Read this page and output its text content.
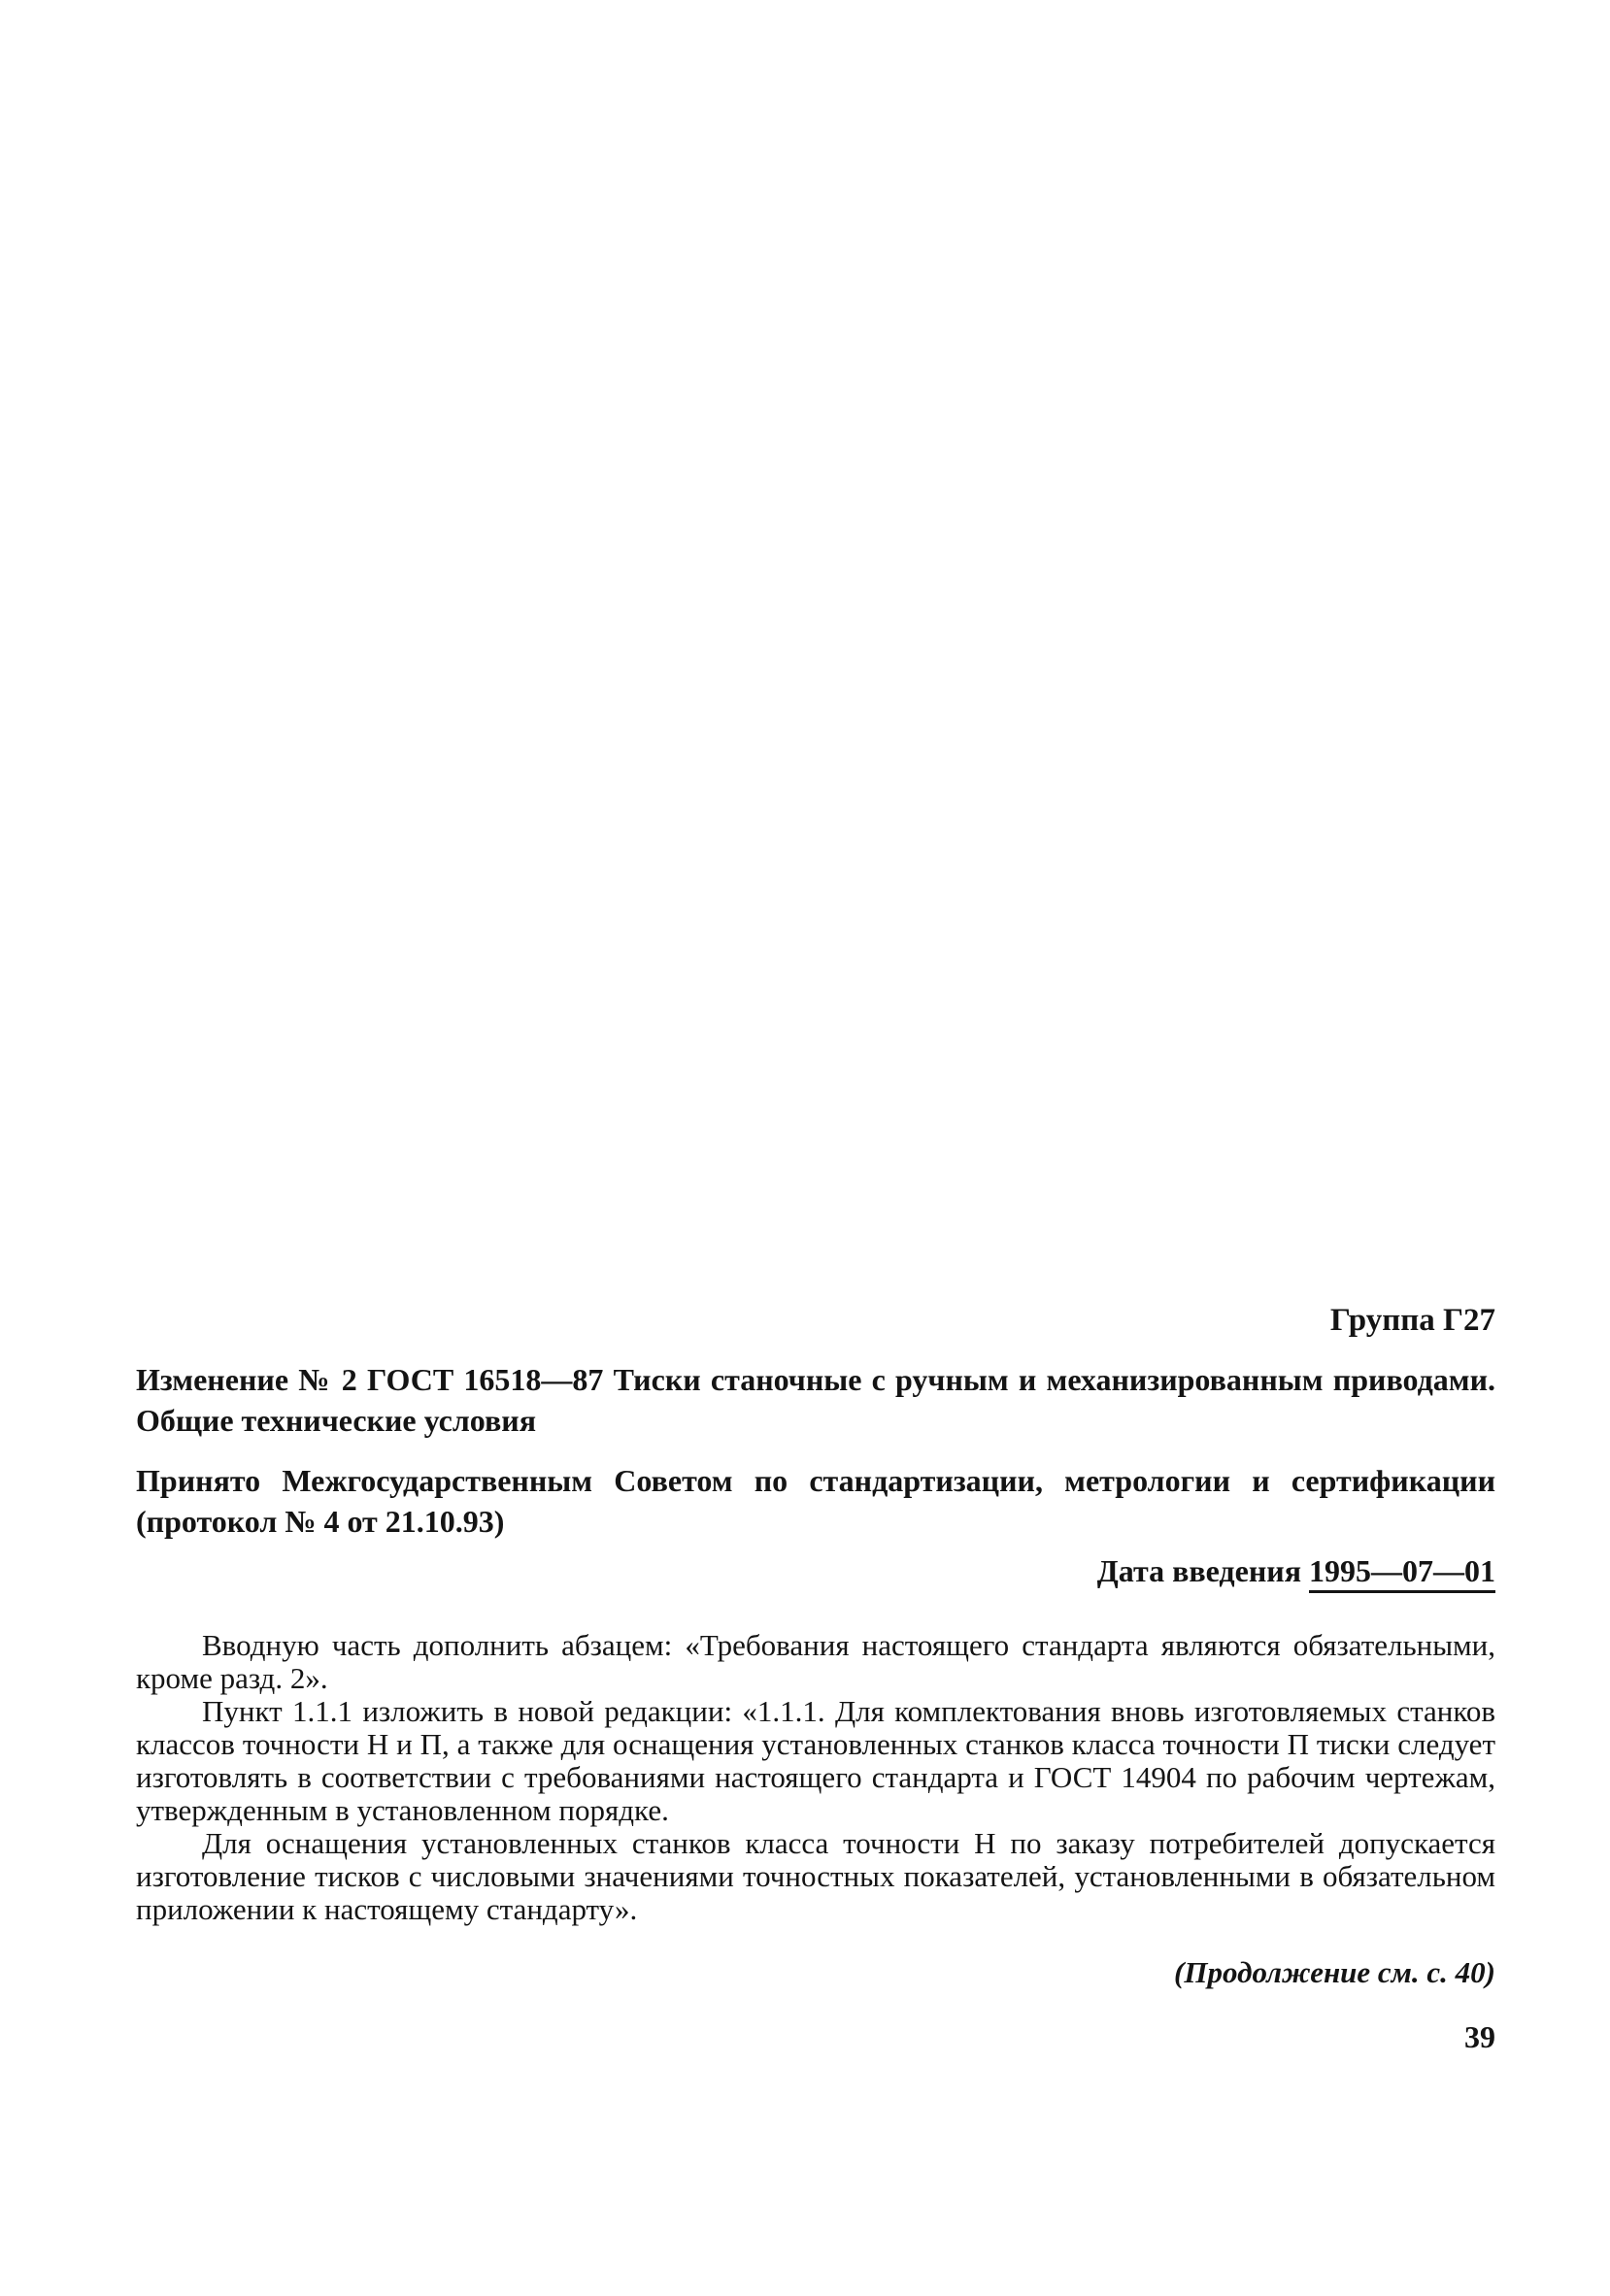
Группа Г27
Изменение № 2 ГОСТ 16518—87 Тиски станочные с ручным и механизированным приводами. Общие технические условия
Принято Межгосударственным Советом по стандартизации, метрологии и сертификации (протокол № 4 от 21.10.93)
Дата введения 1995—07—01

Вводную часть дополнить абзацем: «Требования настоящего стандарта являются обязательными, кроме разд. 2».

Пункт 1.1.1 изложить в новой редакции: «1.1.1. Для комплектования вновь изготовляемых станков классов точности Н и П, а также для оснащения установленных станков класса точности П тиски следует изготовлять в соответствии с требованиями настоящего стандарта и ГОСТ 14904 по рабочим чертежам, утвержденным в установленном порядке.

Для оснащения установленных станков класса точности Н по заказу потребителей допускается изготовление тисков с числовыми значениями точностных показателей, установленными в обязательном приложении к настоящему стандарту».

(Продолжение см. с. 40)
39
